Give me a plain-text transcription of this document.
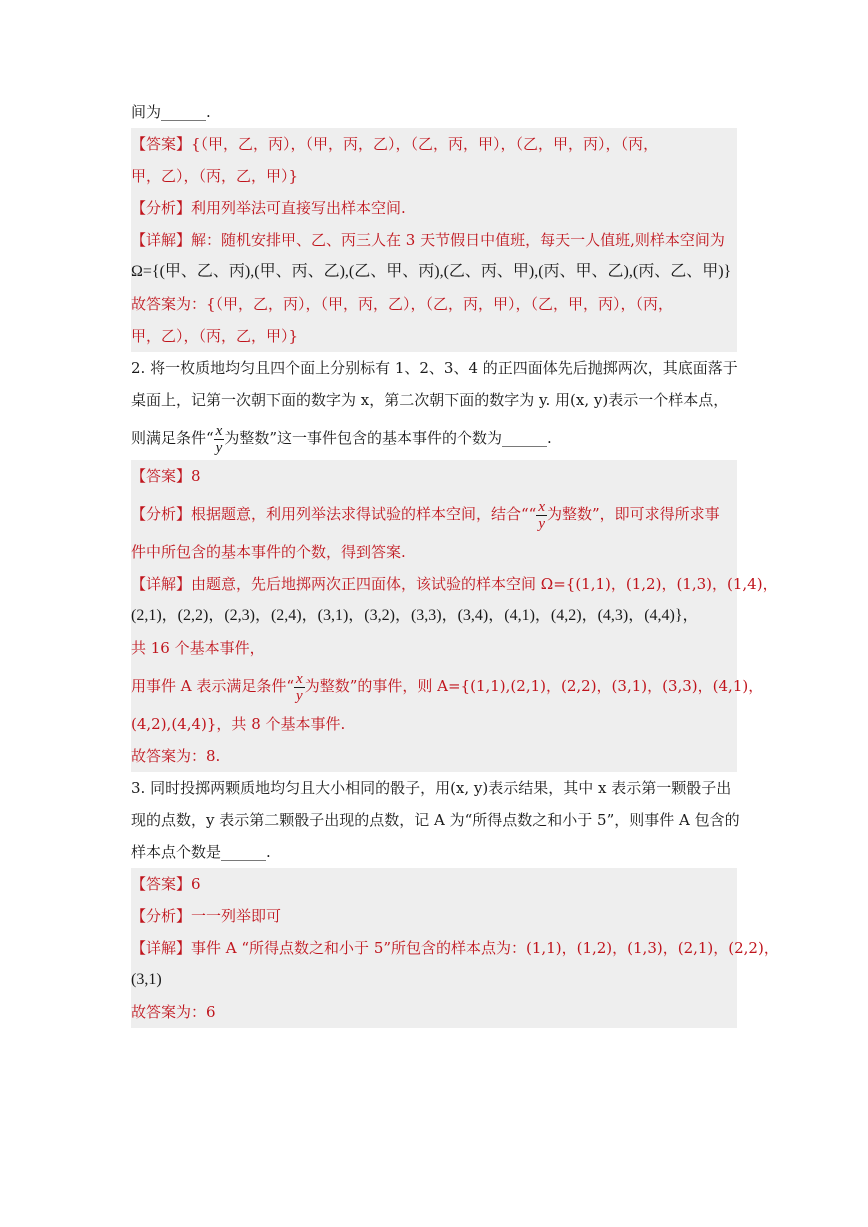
间为______.
【答案】{（甲，乙，丙），（甲，丙，乙），（乙，丙，甲），（乙，甲，丙），（丙，
甲，乙），（丙，乙，甲）}
【分析】利用列举法可直接写出样本空间.
【详解】解：随机安排甲、乙、丙三人在 3 天节假日中值班，每天一人值班,则样本空间为
Ω={(甲、乙、丙),(甲、丙、乙),(乙、甲、丙),(乙、丙、甲),(丙、甲、乙),(丙、乙、甲)}
故答案为：{（甲，乙，丙），（甲，丙，乙），（乙，丙，甲），（乙，甲，丙），（丙，
甲，乙），（丙，乙，甲）}
2. 将一枚质地均匀且四个面上分别标有 1、2、3、4 的正四面体先后抛掷两次，其底面落于
桌面上，记第一次朝下面的数字为 x，第二次朝下面的数字为 y. 用(x, y)表示一个样本点，
则满足条件“ $\frac{x}{y}$ 为整数”这一事件包含的基本事件的个数为______.
【答案】8
【分析】根据题意，利用列举法求得试验的样本空间，结合““ $\frac{x}{y}$ 为整数”，即可求得所求事
件中所包含的基本事件的个数，得到答案.
【详解】由题意，先后地掷两次正四面体，该试验的样本空间 Ω={(1,1)，(1,2)，(1,3)，(1,4)，
(2,1)，(2,2)，(2,3)，(2,4)，(3,1)，(3,2)，(3,3)，(3,4)，(4,1)，(4,2)，(4,3)，(4,4)}，
共 16 个基本事件，
用事件 A 表示满足条件“ $\frac{x}{y}$ 为整数”的事件，则 A={(1,1),(2,1)，(2,2)，(3,1)，(3,3)，(4,1)，
(4,2),(4,4)}，共 8 个基本事件.
故答案为：8.
3. 同时投掷两颗质地均匀且大小相同的骰子，用(x, y)表示结果，其中 x 表示第一颗骰子出
现的点数，y 表示第二颗骰子出现的点数，记 A 为“所得点数之和小于 5”，则事件 A 包含的
样本点个数是______.
【答案】6
【分析】一一列举即可
【详解】事件 A “所得点数之和小于 5”所包含的样本点为：(1,1)，(1,2)，(1,3)，(2,1)，(2,2)，
(3,1)
故答案为：6
